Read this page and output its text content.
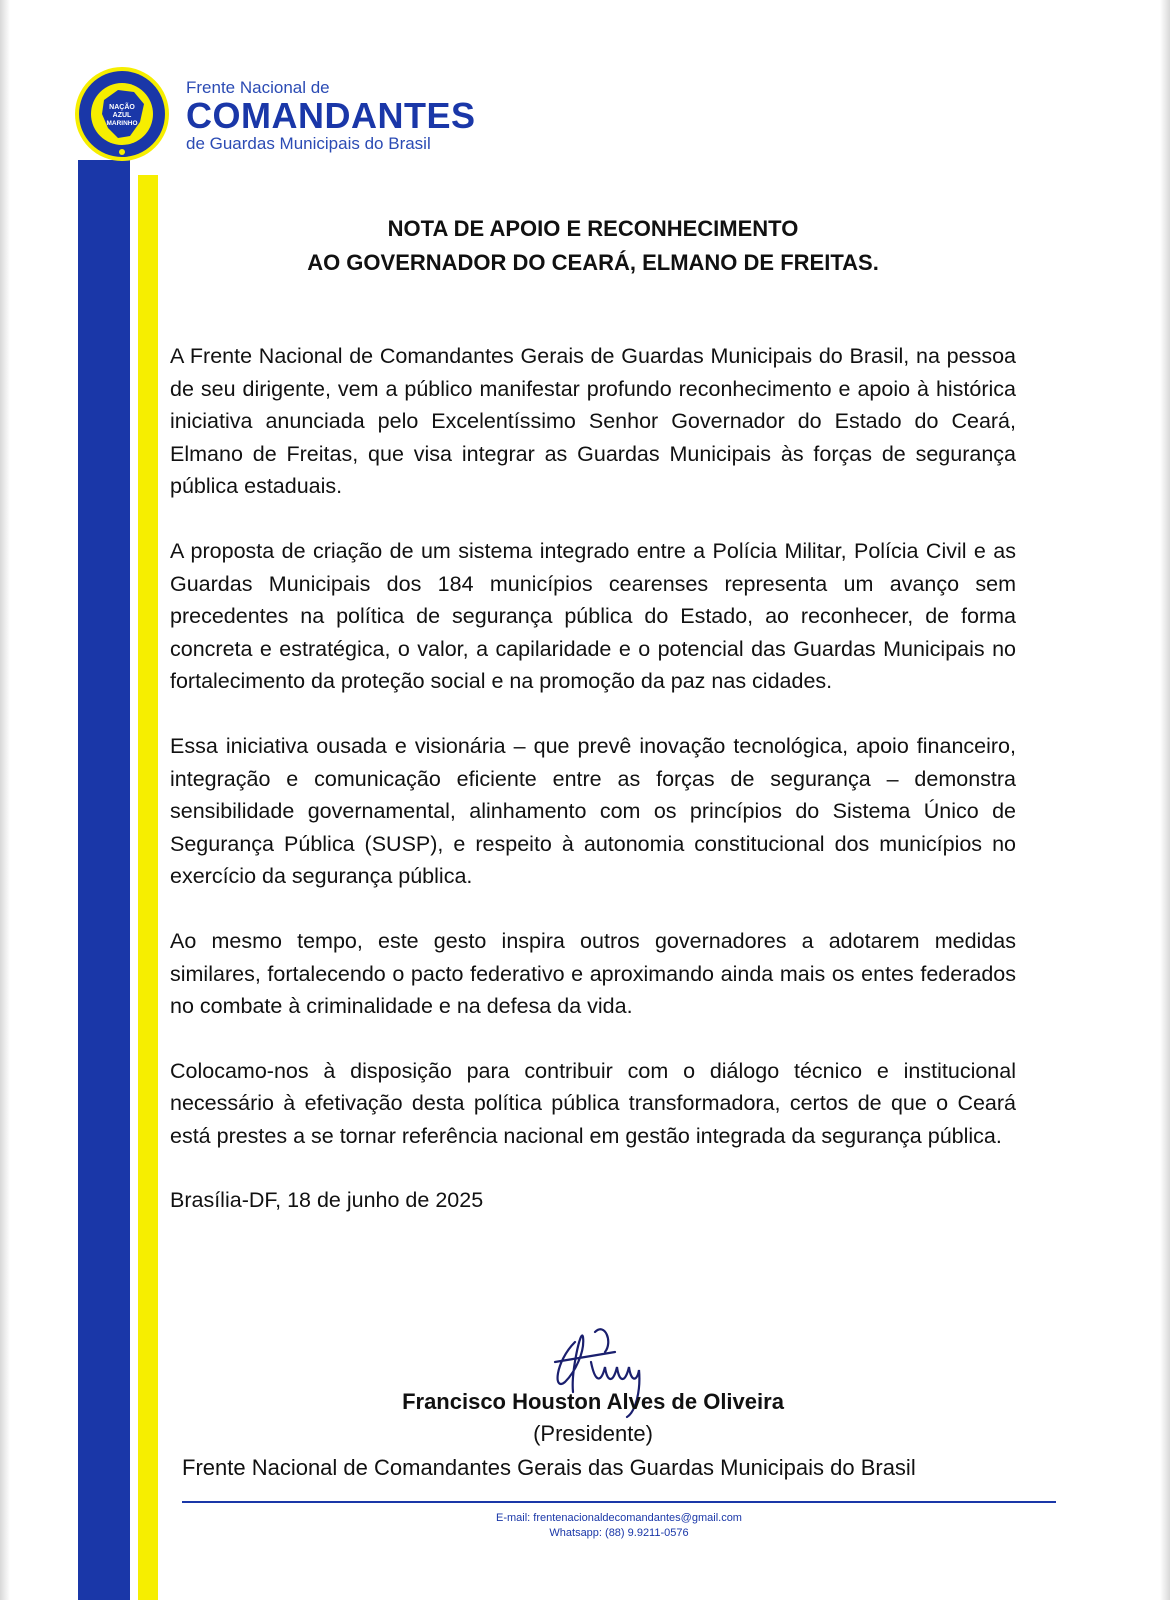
NAÇÃO
AZUL
MARINHO
Frente Nacional de
COMANDANTES
de Guardas Municipais do Brasil
NOTA DE APOIO E RECONHECIMENTO
AO GOVERNADOR DO CEARÁ, ELMANO DE FREITAS.

A Frente Nacional de Comandantes Gerais de Guardas Municipais do Brasil, na pessoa de seu dirigente, vem a público manifestar profundo reconhecimento e apoio à histórica iniciativa anunciada pelo Excelentíssimo Senhor Governador do Estado do Ceará, Elmano de Freitas, que visa integrar as Guardas Municipais às forças de segurança pública estaduais.

A proposta de criação de um sistema integrado entre a Polícia Militar, Polícia Civil e as Guardas Municipais dos 184 municípios cearenses representa um avanço sem precedentes na política de segurança pública do Estado, ao reconhecer, de forma concreta e estratégica, o valor, a capilaridade e o potencial das Guardas Municipais no fortalecimento da proteção social e na promoção da paz nas cidades.

Essa iniciativa ousada e visionária – que prevê inovação tecnológica, apoio financeiro, integração e comunicação eficiente entre as forças de segurança – demonstra sensibilidade governamental, alinhamento com os princípios do Sistema Único de Segurança Pública (SUSP), e respeito à autonomia constitucional dos municípios no exercício da segurança pública.

Ao mesmo tempo, este gesto inspira outros governadores a adotarem medidas similares, fortalecendo o pacto federativo e aproximando ainda mais os entes federados no combate à criminalidade e na defesa da vida.

Colocamo-nos à disposição para contribuir com o diálogo técnico e institucional necessário à efetivação desta política pública transformadora, certos de que o Ceará está prestes a se tornar referência nacional em gestão integrada da segurança pública.

Brasília-DF, 18 de junho de 2025

Francisco Houston Alves de Oliveira
(Presidente)
Frente Nacional de Comandantes Gerais das Guardas Municipais do Brasil
E-mail: frentenacionaldecomandantes@gmail.com
Whatsapp: (88) 9.9211-0576
